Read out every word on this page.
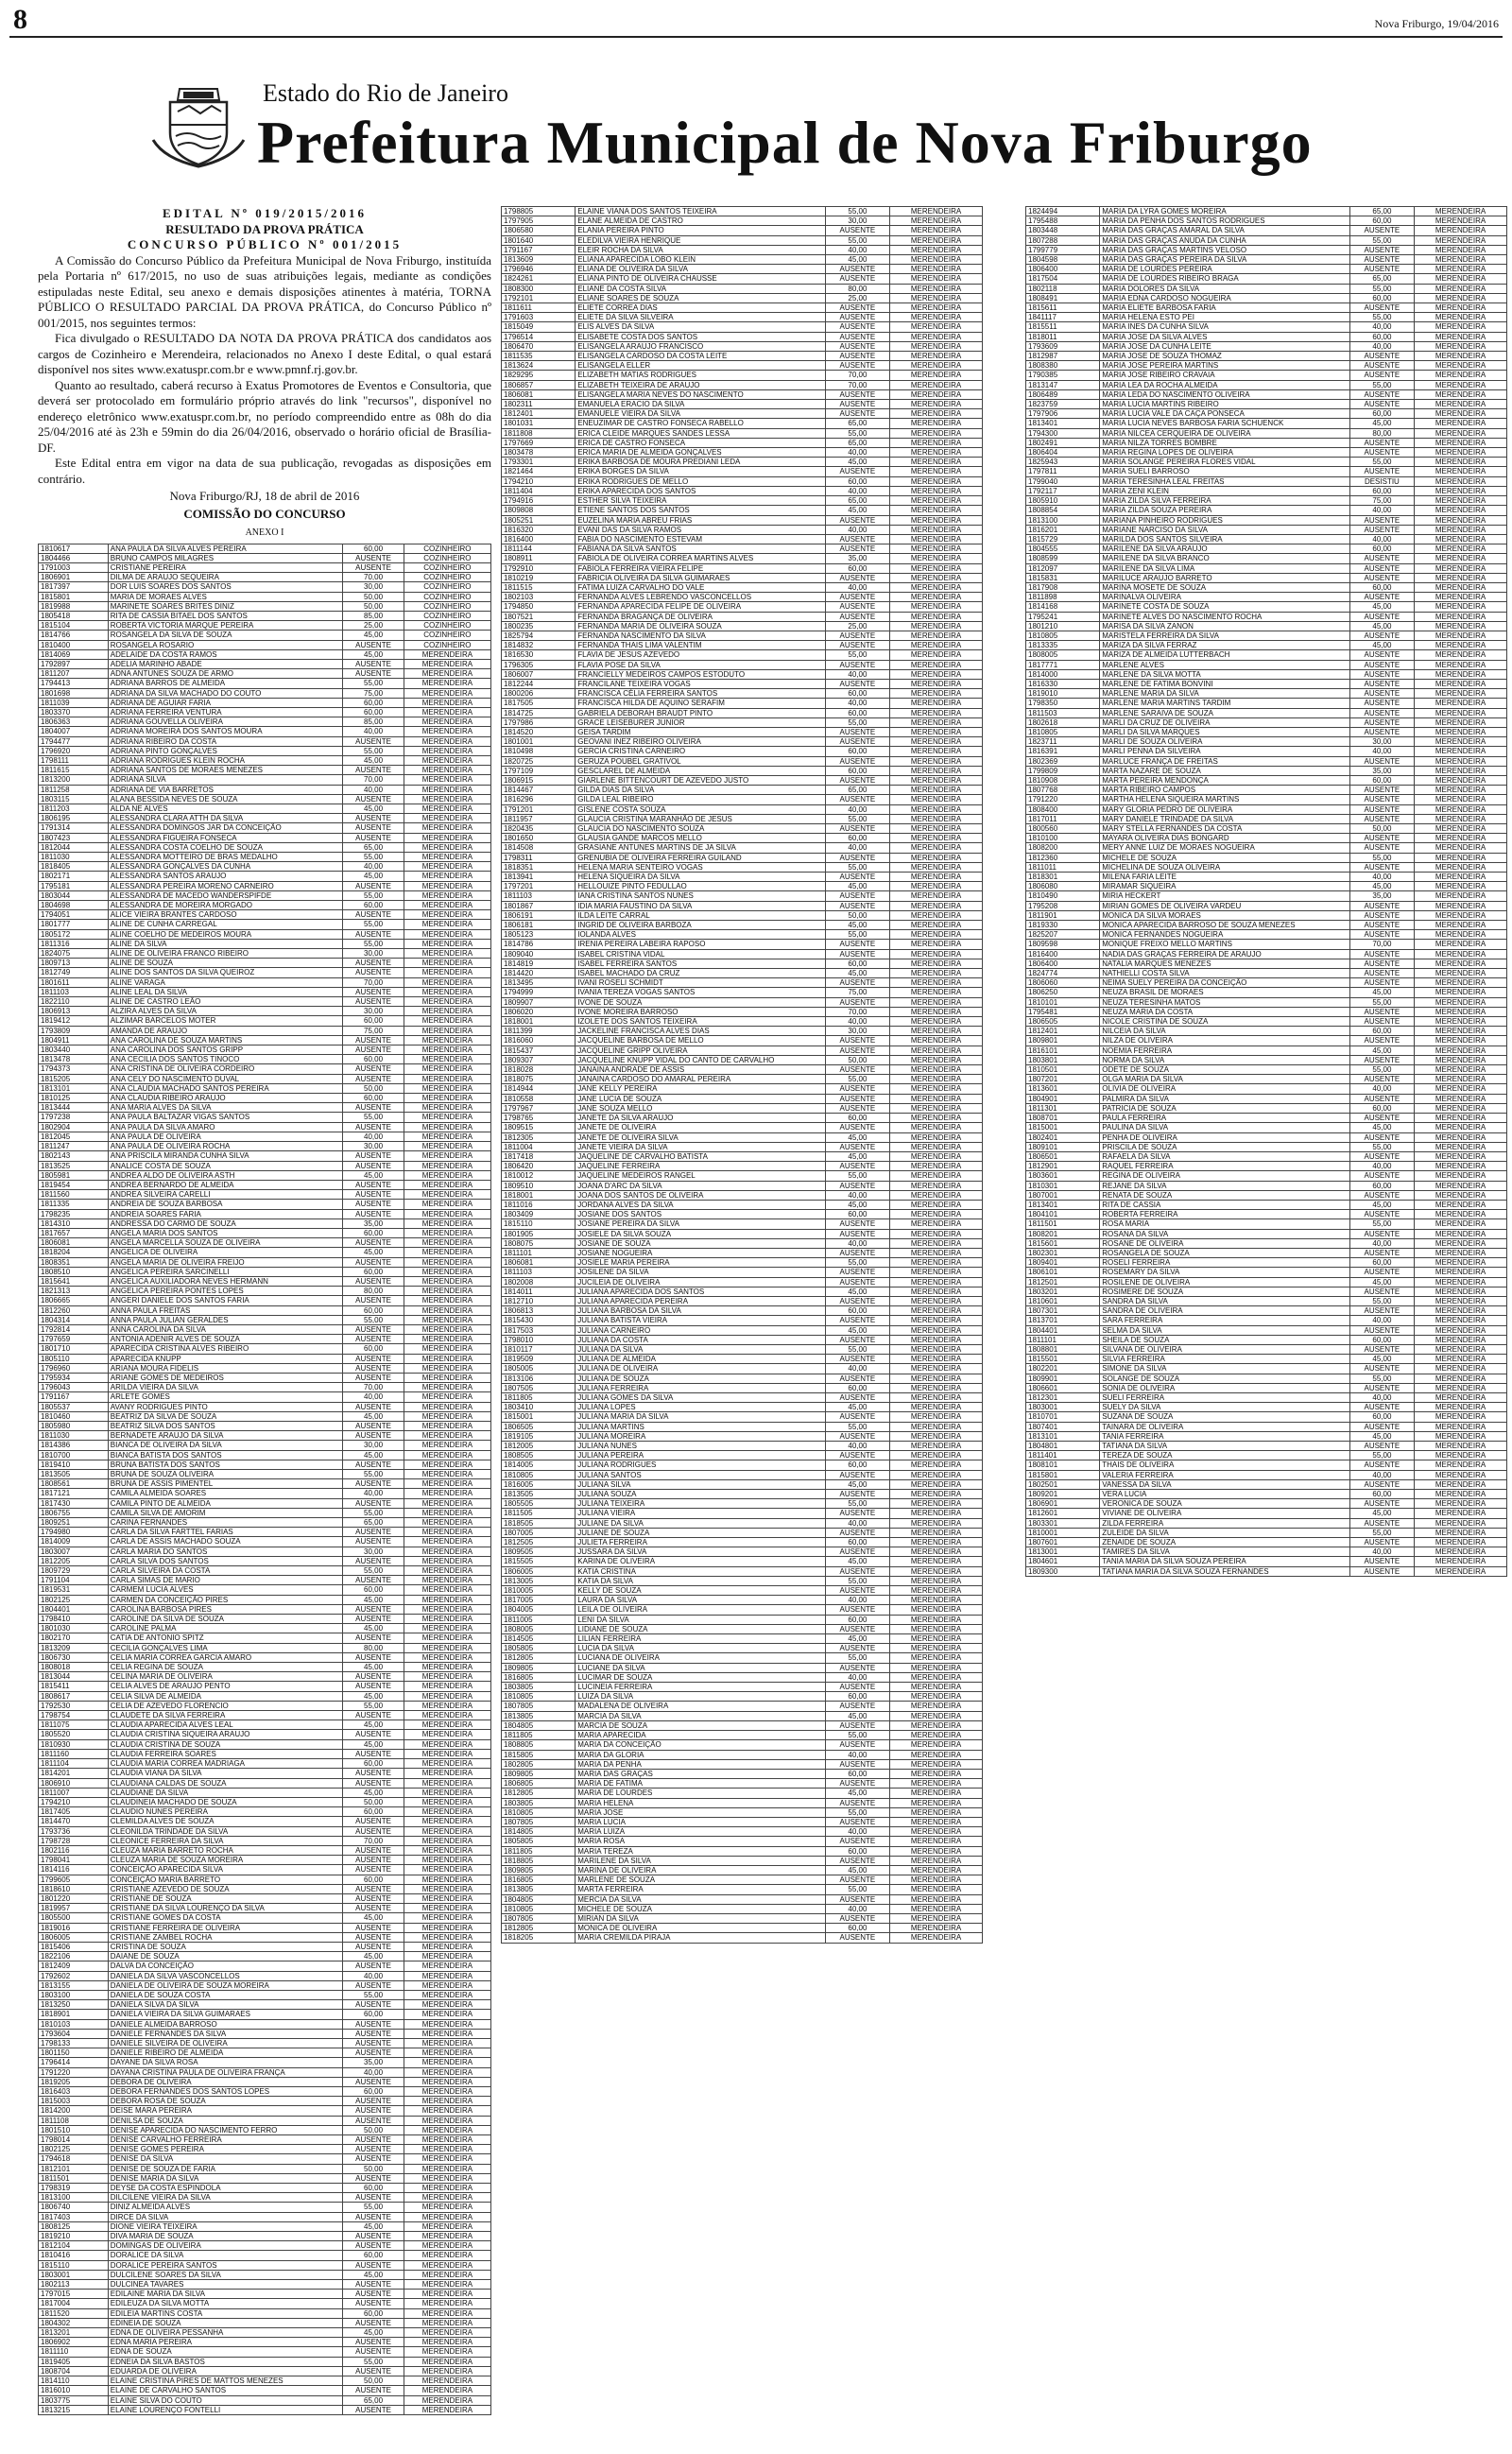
8	Nova Friburgo, 19/04/2016
Estado do Rio de Janeiro
Prefeitura Municipal de Nova Friburgo
EDITAL Nº 019/2015/2016
RESULTADO DA PROVA PRÁTICA
CONCURSO PÚBLICO Nº 001/2015

A Comissão do Concurso Público da Prefeitura Municipal de Nova Friburgo, instituída pela Portaria nº 617/2015, no uso de suas atribuições legais, mediante as condições estipuladas neste Edital, seu anexo e demais disposições atinentes à matéria, TORNA PÚBLICO O RESULTADO PARCIAL DA PROVA PRÁTICA, do Concurso Público nº 001/2015, nos seguintes termos:

Fica divulgado o RESULTADO DA NOTA DA PROVA PRÁTICA dos candidatos aos cargos de Cozinheiro e Merendeira, relacionados no Anexo I deste Edital, o qual estará disponível nos sites www.exatuspr.com.br e www.pmnf.rj.gov.br.

Quanto ao resultado, caberá recurso à Exatus Promotores de Eventos e Consultoria, que deverá ser protocolado em formulário próprio através do link "recursos", disponível no endereço eletrônico www.exatuspr.com.br, no período compreendido entre as 08h do dia 25/04/2016 até às 23h e 59min do dia 26/04/2016, observado o horário oficial de Brasília-DF.

Este Edital entra em vigor na data de sua publicação, revogadas as disposições em contrário.

Nova Friburgo/RJ, 18 de abril de 2016
COMISSÃO DO CONCURSO
ANEXO I
1810617	ANA PAULA DA SILVA ALVES PEREIRA	60,00	COZINHEIRO
1804466	BRUNO CAMPOS MILAGRES	AUSENTE	COZINHEIRO
1791003	CRISTIANE PEREIRA	AUSENTE	COZINHEIRO
1806901	DILMA DE ARAUJO SEQUEIRA	70,00	COZINHEIRO
1817397	DOR LUIS SOARES DOS SANTOS	30,00	COZINHEIRO
1815801	MARIA DE MORAES ALVES	50,00	COZINHEIRO
1819988	MARINETE SOARES BRITES DINIZ	50,00	COZINHEIRO
1805418	RITA DE CASSIA BITAEL DOS SANTOS	85,00	COZINHEIRO
1815104	ROBERTA VICTORIA MARQUE PEREIRA	25,00	COZINHEIRO
1814766	ROSANGELA DA SILVA DE SOUZA	45,00	COZINHEIRO
1810400	ROSANGELA ROSARIO	AUSENTE	COZINHEIRO
1814069	ADELAIDE DA COSTA RAMOS	45,00	MERENDEIRA
1792897	ADELIA MARINHO ABADE	AUSENTE	MERENDEIRA
1811207	ADNA ANTUNES SOUZA DE ARMO	AUSENTE	MERENDEIRA
1794413	ADRIANA BARROS DE ALMEIDA	55,00	MERENDEIRA
1801698	ADRIANA DA SILVA MACHADO DO COUTO	75,00	MERENDEIRA
1811039	ADRIANA DE AGUIAR FARIA	60,00	MERENDEIRA
1803370	ADRIANA FERREIRA VENTURA	60,00	MERENDEIRA
1806363	ADRIANA GOUVELLA OLIVEIRA	85,00	MERENDEIRA
1804007	ADRIANA MOREIRA DOS SANTOS MOURA	40,00	MERENDEIRA
1794477	ADRIANA RIBEIRO DA COSTA	AUSENTE	MERENDEIRA
1796920	ADRIANA PINTO GONÇALVES	55,00	MERENDEIRA
1798111	ADRIANA RODRIGUES KLEIN ROCHA	45,00	MERENDEIRA
1811615	ADRIANA SANTOS DE MORAES MENEZES	AUSENTE	MERENDEIRA
1813200	ADRIANA SILVA	70,00	MERENDEIRA
1811258	ADRIANA DE VIA BARRETOS	40,00	MERENDEIRA
1803115	ALANA BESSIDA NEVES DE SOUZA	AUSENTE	MERENDEIRA
1811203	ALDA NE ALVES	45,00	MERENDEIRA
1806195	ALESSANDRA CLARA ATTH DA SILVA	AUSENTE	MERENDEIRA
1791314	ALESSANDRA DOMINGOS JAR DA CONCEIÇÃO	AUSENTE	MERENDEIRA
1807423	ALESSANDRA FIGUEIRA FONSECA	AUSENTE	MERENDEIRA
1812044	ALESSANDRA COSTA COELHO DE SOUZA	65,00	MERENDEIRA
1811030	ALESSANDRA MOTTEIRO DE BRAS MEDALHO	55,00	MERENDEIRA
1818405	ALESSANDRA GONÇALVES DA CUNHA	40,00	MERENDEIRA
1802171	ALESSANDRA SANTOS ARAUJO	45,00	MERENDEIRA
1795181	ALESSANDRA PEREIRA MORENO CARNEIRO	AUSENTE	MERENDEIRA
1803044	ALESSANDRA DE MACEDO WANDERSPIFDE	55,00	MERENDEIRA
1804698	ALESSANDRA DE MOREIRA MORGADO	60,00	MERENDEIRA
1794051	ALICE VIEIRA BRANTES CARDOSO	AUSENTE	MERENDEIRA
1801777	ALINE DE CUNHA CARREGAL	55,00	MERENDEIRA
1805172	ALINE COELHO DE MEDEIROS MOURA	AUSENTE	MERENDEIRA
1811316	ALINE DA SILVA	55,00	MERENDEIRA
1824075	ALINE DE OLIVEIRA FRANCO RIBEIRO	30,00	MERENDEIRA
1809713	ALINE DE SOUZA	AUSENTE	MERENDEIRA
1812749	ALINE DOS SANTOS DA SILVA QUEIROZ	AUSENTE	MERENDEIRA
1801611	ALINE VARAGA	70,00	MERENDEIRA
1811103	ALINE LEAL DA SILVA	AUSENTE	MERENDEIRA
1822110	ALINE DE CASTRO LEÃO	AUSENTE	MERENDEIRA
1806913	ALZIRA ALVES DA SILVA	30,00	MERENDEIRA
1819412	ALZIMAR BARCELOS MOTER	60,00	MERENDEIRA
1793809	AMANDA DE ARAUJO	75,00	MERENDEIRA
1804911	ANA CAROLINA DE SOUZA MARTINS	AUSENTE	MERENDEIRA
1803440	ANA CAROLINA DOS SANTOS GRIPP	AUSENTE	MERENDEIRA
1813478	ANA CECILIA DOS SANTOS TINOCO	60,00	MERENDEIRA
1794373	ANA CRISTINA DE OLIVEIRA CORDEIRO	AUSENTE	MERENDEIRA
1815205	ANA CELY DO NASCIMENTO DUVAL	AUSENTE	MERENDEIRA
1813101	ANA CLAUDIA MACHADO SANTOS PEREIRA	50,00	MERENDEIRA
1810125	ANA CLAUDIA RIBEIRO ARAUJO	60,00	MERENDEIRA
1813444	ANA MARIA ALVES DA SILVA	AUSENTE	MERENDEIRA
1797238	ANA PAULA BALTAZAR VIGAS SANTOS	55,00	MERENDEIRA
1802904	ANA PAULA DA SILVA AMARO	AUSENTE	MERENDEIRA
1812045	ANA PAULA DE OLIVEIRA	40,00	MERENDEIRA
1811247	ANA PAULA DE OLIVEIRA ROCHA	30,00	MERENDEIRA
1802143	ANA PRISCILA MIRANDA CUNHA SILVA	AUSENTE	MERENDEIRA
1813525	ANALICE COSTA DE SOUZA	AUSENTE	MERENDEIRA
1805981	ANDREA ALDO DE OLIVEIRA ASTH	45,00	MERENDEIRA
1819454	ANDREA BERNARDO DE ALMEIDA	AUSENTE	MERENDEIRA
1811560	ANDREA SILVEIRA CARELLI	AUSENTE	MERENDEIRA
1811335	ANDREIA DE SOUZA BARBOSA	AUSENTE	MERENDEIRA
1798235	ANDREIA SOARES FARIA	AUSENTE	MERENDEIRA
1814310	ANDRESSA DO CARMO DE SOUZA	35,00	MERENDEIRA
1817657	ANGELA MARIA DOS SANTOS	60,00	MERENDEIRA
1806081	ANGELA MARCELLA SOUZA DE OLIVEIRA	AUSENTE	MERENDEIRA
1818204	ANGELICA DE OLIVEIRA	45,00	MERENDEIRA
1808351	ANGELA MARIA DE OLIVEIRA FREIJO	AUSENTE	MERENDEIRA
1808510	ANGELICA PEREIRA SARCINELLI	60,00	MERENDEIRA
1815641	ANGELICA AUXILIADORA NEVES HERMANN	AUSENTE	MERENDEIRA
1821313	ANGELICA PEREIRA PONTES LOPES	80,00	MERENDEIRA
1806665	ANGERI DANIELE DOS SANTOS FARIA	AUSENTE	MERENDEIRA
1812260	ANNA PAULA FREITAS	60,00	MERENDEIRA
1804314	ANNA PAULA JULIAN GERALDES	55,00	MERENDEIRA
1792814	ANNA CAROLINA DA SILVA	AUSENTE	MERENDEIRA
1797659	ANTONIA ADENIR ALVES DE SOUZA	AUSENTE	MERENDEIRA
1801710	APARECIDA CRISTINA ALVES RIBEIRO	60,00	MERENDEIRA
1805110	APARECIDA KNUPP	AUSENTE	MERENDEIRA
1796960	ARIANA MOURA FIDELIS	AUSENTE	MERENDEIRA
1795934	ARIANE GOMES DE MEDEIROS	AUSENTE	MERENDEIRA
1796043	ARILDA VIEIRA DA SILVA	70,00	MERENDEIRA
1791167	ARLETE GOMES	40,00	MERENDEIRA
1805537	AVANY RODRIGUES PINTO	AUSENTE	MERENDEIRA
1810460	BEATRIZ DA SILVA DE SOUZA	45,00	MERENDEIRA
1805980	BEATRIZ SILVA DOS SANTOS	AUSENTE	MERENDEIRA
1811030	BERNADETE ARAUJO DA SILVA	AUSENTE	MERENDEIRA
1814386	BIANCA DE OLIVEIRA DA SILVA	30,00	MERENDEIRA
1810700	BIANCA BATISTA DOS SANTOS	45,00	MERENDEIRA
1819410	BRUNA BATISTA DOS SANTOS	AUSENTE	MERENDEIRA
1813505	BRUNA DE SOUZA OLIVEIRA	55,00	MERENDEIRA
1808561	BRUNA DE ASSIS PIMENTEL	AUSENTE	MERENDEIRA
1817121	CAMILA ALMEIDA SOARES	40,00	MERENDEIRA
1817430	CAMILA PINTO DE ALMEIDA	AUSENTE	MERENDEIRA
1806755	CAMILA SILVA DE AMORIM	55,00	MERENDEIRA
1809251	CARINA FERNANDES	65,00	MERENDEIRA
1794980	CARLA DA SILVA FARTTEL FARIAS	AUSENTE	MERENDEIRA
1814009	CARLA DE ASSIS MACHADO SOUZA	AUSENTE	MERENDEIRA
1803007	CARLA MARIA DO SANTOS	30,00	MERENDEIRA
1812205	CARLA SILVA DOS SANTOS	AUSENTE	MERENDEIRA
1809729	CARLA SILVEIRA DA COSTA	55,00	MERENDEIRA
1791104	CARLA SIMAS DE MARIO	AUSENTE	MERENDEIRA
1819531	CARMEM LUCIA ALVES	60,00	MERENDEIRA
1802125	CARMEN DA CONCEIÇÃO PIRES	45,00	MERENDEIRA
1804401	CAROLINA BARBOSA PIRES	AUSENTE	MERENDEIRA
1798410	CAROLINE DA SILVA DE SOUZA	AUSENTE	MERENDEIRA
1801030	CAROLINE PALMA	45,00	MERENDEIRA
1802170	CATIA DE ANTONIO SPITZ	AUSENTE	MERENDEIRA
1813209	CECILIA GONÇALVES LIMA	80,00	MERENDEIRA
1806730	CELIA MARIA CORREA GARCIA AMARO	AUSENTE	MERENDEIRA
1808018	CELIA REGINA DE SOUZA	45,00	MERENDEIRA
1813044	CELINA MARIA DE OLIVEIRA	AUSENTE	MERENDEIRA
1815411	CELIA ALVES DE ARAUJO PENTO	AUSENTE	MERENDEIRA
1808617	CELIA SILVA DE ALMEIDA	45,00	MERENDEIRA
1792530	CELIA DE AZEVEDO FLORENCIO	55,00	MERENDEIRA
1798754	CLAUDETE DA SILVA FERREIRA	AUSENTE	MERENDEIRA
1811075	CLAUDIA APARECIDA ALVES LEAL	45,00	MERENDEIRA
1805520	CLAUDIA CRISTINA SIQUEIRA ARAUJO	AUSENTE	MERENDEIRA
1810930	CLAUDIA CRISTINA DE SOUZA	45,00	MERENDEIRA
1811160	CLAUDIA FERREIRA SOARES	AUSENTE	MERENDEIRA
1811104	CLAUDIA MARIA CORREA MADRIAGA	60,00	MERENDEIRA
1814201	CLAUDIA VIANA DA SILVA	AUSENTE	MERENDEIRA
1806910	CLAUDIANA CALDAS DE SOUZA	AUSENTE	MERENDEIRA
1811007	CLAUDIANE DA SILVA	45,00	MERENDEIRA
1794210	CLAUDINEIA MACHADO DE SOUZA	50,00	MERENDEIRA
1817405	CLAUDIO NUNES PEREIRA	60,00	MERENDEIRA
1814470	CLEMILDA ALVES DE SOUZA	AUSENTE	MERENDEIRA
1793736	CLEONILDA TRINDADE DA SILVA	AUSENTE	MERENDEIRA
1798728	CLEONICE FERREIRA DA SILVA	70,00	MERENDEIRA
1802116	CLEUZA MARIA BARRETO ROCHA	AUSENTE	MERENDEIRA
1798041	CLEUZA MARIA DE SOUZA MOREIRA	AUSENTE	MERENDEIRA
1814116	CONCEIÇÃO APARECIDA SILVA	AUSENTE	MERENDEIRA
1799605	CONCEIÇÃO MARIA BARRETO	60,00	MERENDEIRA
1818610	CRISTIANE AZEVEDO DE SOUZA	AUSENTE	MERENDEIRA
1801220	CRISTIANE DE SOUZA	AUSENTE	MERENDEIRA
1819957	CRISTIANE DA SILVA LOURENÇO DA SILVA	AUSENTE	MERENDEIRA
1805500	CRISTIANE GOMES DA COSTA	45,00	MERENDEIRA
1819016	CRISTIANE FERREIRA DE OLIVEIRA	AUSENTE	MERENDEIRA
1806005	CRISTIANE ZAMBEL ROCHA	AUSENTE	MERENDEIRA
1815406	CRISTINA DE SOUZA	AUSENTE	MERENDEIRA
1822106	DAIANE DE SOUZA	45,00	MERENDEIRA
1812409	DALVA DA CONCEIÇÃO	AUSENTE	MERENDEIRA
1792602	DANIELA DA SILVA VASCONCELLOS	40,00	MERENDEIRA
1813155	DANIELA DE OLIVEIRA DE SOUZA MOREIRA	AUSENTE	MERENDEIRA
1803100	DANIELA DE SOUZA COSTA	55,00	MERENDEIRA
1813250	DANIELA SILVA DA SILVA	AUSENTE	MERENDEIRA
1818901	DANIELA VIEIRA DA SILVA GUIMARAES	60,00	MERENDEIRA
1810103	DANIELE ALMEIDA BARROSO	AUSENTE	MERENDEIRA
1793604	DANIELE FERNANDES DA SILVA	AUSENTE	MERENDEIRA
1798133	DANIELE SILVEIRA DE OLIVEIRA	AUSENTE	MERENDEIRA
1801150	DANIELE RIBEIRO DE ALMEIDA	AUSENTE	MERENDEIRA
1796414	DAYANE DA SILVA ROSA	35,00	MERENDEIRA
1791220	DAYANA CRISTINA PAULA DE OLIVEIRA FRANÇA	40,00	MERENDEIRA
1819205	DEBORA DE OLIVEIRA	AUSENTE	MERENDEIRA
1816403	DEBORA FERNANDES DOS SANTOS LOPES	60,00	MERENDEIRA
1815003	DEBORA ROSA DE SOUZA	AUSENTE	MERENDEIRA
1814200	DEISE MARA PEREIRA	AUSENTE	MERENDEIRA
1811108	DENILSA DE SOUZA	AUSENTE	MERENDEIRA
1801510	DENISE APARECIDA DO NASCIMENTO FERRO	50,00	MERENDEIRA
1798014	DENISE CARVALHO FERREIRA	AUSENTE	MERENDEIRA
1802125	DENISE GOMES PEREIRA	AUSENTE	MERENDEIRA
1794618	DENISE DA SILVA	AUSENTE	MERENDEIRA
1812101	DENISE DE SOUZA DE FARIA	50,00	MERENDEIRA
1811501	DENISE MARIA DA SILVA	AUSENTE	MERENDEIRA
1798319	DEYSE DA COSTA ESPINDOLA	60,00	MERENDEIRA
1813100	DILCILENE VIEIRA DA SILVA	AUSENTE	MERENDEIRA
1806740	DINIZ ALMEIDA ALVES	55,00	MERENDEIRA
1817403	DIRCE DA SILVA	AUSENTE	MERENDEIRA
1808125	DIONE VIEIRA TEIXEIRA	45,00	MERENDEIRA
1819210	DIVA MARIA DE SOUZA	AUSENTE	MERENDEIRA
1812104	DOMINGAS DE OLIVEIRA	AUSENTE	MERENDEIRA
1810416	DORALICE DA SILVA	60,00	MERENDEIRA
1815110	DORALICE PEREIRA SANTOS	AUSENTE	MERENDEIRA
1803001	DULCILENE SOARES DA SILVA	45,00	MERENDEIRA
1802113	DULCINEA TAVARES	AUSENTE	MERENDEIRA
1797015	EDILAINE MARIA DA SILVA	AUSENTE	MERENDEIRA
1817004	EDILEUZA DA SILVA MOTTA	AUSENTE	MERENDEIRA
1811520	EDILEIA MARTINS COSTA	60,00	MERENDEIRA
1804302	EDINEIA DE SOUZA	AUSENTE	MERENDEIRA
1813201	EDNA DE OLIVEIRA PESSANHA	45,00	MERENDEIRA
1806902	EDNA MARIA PEREIRA	AUSENTE	MERENDEIRA
1811110	EDNA DE SOUZA	AUSENTE	MERENDEIRA
1819405	EDNEIA DA SILVA BASTOS	55,00	MERENDEIRA
1808704	EDUARDA DE OLIVEIRA	AUSENTE	MERENDEIRA
1814110	ELAINE CRISTINA PIRES DE MATTOS MENEZES	50,00	MERENDEIRA
1816010	ELAINE DE CARVALHO SANTOS	AUSENTE	MERENDEIRA
1803775	ELAINE SILVA DO COUTO	65,00	MERENDEIRA
1813215	ELAINE LOURENÇO FONTELLI	AUSENTE	MERENDEIRA
1798805	ELAINE VIANA DOS SANTOS TEIXEIRA	55,00	MERENDEIRA
1797905	ELANE ALMEIDA DE CASTRO	30,00	MERENDEIRA
1806580	ELANIA PEREIRA PINTO	AUSENTE	MERENDEIRA
1801640	ELEDILVA VIEIRA HENRIQUE	55,00	MERENDEIRA
1791167	ELEIR ROCHA DA SILVA	40,00	MERENDEIRA
1813609	ELIANA APARECIDA LOBO KLEIN	45,00	MERENDEIRA
1796946	ELIANA DE OLIVEIRA DA SILVA	AUSENTE	MERENDEIRA
1824261	ELIANA PINTO DE OLIVEIRA CHAUSSE	AUSENTE	MERENDEIRA
1808300	ELIANE DA COSTA SILVA	80,00	MERENDEIRA
1792101	ELIANE SOARES DE SOUZA	25,00	MERENDEIRA
1811611	ELIETE CORREA DIAS	AUSENTE	MERENDEIRA
1791603	ELIETE DA SILVA SILVEIRA	AUSENTE	MERENDEIRA
1815049	ELIS ALVES DA SILVA	AUSENTE	MERENDEIRA
1796514	ELISABETE COSTA DOS SANTOS	AUSENTE	MERENDEIRA
1806470	ELISANGELA ARAUJO FRANCISCO	AUSENTE	MERENDEIRA
1811535	ELISANGELA CARDOSO DA COSTA LEITE	AUSENTE	MERENDEIRA
1813624	ELISANGELA ELLER	AUSENTE	MERENDEIRA
1829295	ELIZABETH MATIAS RODRIGUES	70,00	MERENDEIRA
1806857	ELIZABETH TEIXEIRA DE ARAUJO	70,00	MERENDEIRA
1806081	ELISANGELA MARIA NEVES DO NASCIMENTO	AUSENTE	MERENDEIRA
1802311	EMANUELA ERACIO DA SILVA	AUSENTE	MERENDEIRA
1812401	EMANUELE VIEIRA DA SILVA	AUSENTE	MERENDEIRA
1801031	ENEUZIMAR DE CASTRO FONSECA RABELLO	65,00	MERENDEIRA
1811808	ERICA CLEIDE MARQUES SANDES LESSA	55,00	MERENDEIRA
1797669	ERICA DE CASTRO FONSECA	65,00	MERENDEIRA
1803478	ERICA MARIA DE ALMEIDA GONÇALVES	40,00	MERENDEIRA
1793301	ERIKA BARBOSA DE MOURA PREDIANI LEDA	45,00	MERENDEIRA
1821464	ERIKA BORGES DA SILVA	AUSENTE	MERENDEIRA
1794210	ERIKA RODRIGUES DE MELLO	60,00	MERENDEIRA
1811404	ERIKA APARECIDA DOS SANTOS	40,00	MERENDEIRA
1794916	ESTHER SILVA TEIXEIRA	65,00	MERENDEIRA
1809808	ETIENE SANTOS DOS SANTOS	45,00	MERENDEIRA
1805251	EUZELINA MARIA ABREU FRIAS	AUSENTE	MERENDEIRA
1816320	EVANI DAS DA SILVA RAMOS	40,00	MERENDEIRA
1816400	FABIA DO NASCIMENTO ESTEVAM	AUSENTE	MERENDEIRA
1811144	FABIANA DA SILVA SANTOS	AUSENTE	MERENDEIRA
1808911	FABIOLA DE OLIVEIRA CORREA MARTINS ALVES	35,00	MERENDEIRA
1792910	FABIOLA FERREIRA VIEIRA FELIPE	60,00	MERENDEIRA
1810219	FABRICIA OLIVEIRA DA SILVA GUIMARAES	AUSENTE	MERENDEIRA
1811515	FATIMA LUIZA CARVALHO DO VALE	40,00	MERENDEIRA
1802103	FERNANDA ALVES LEBRENDO VASCONCELLOS	AUSENTE	MERENDEIRA
1794850	FERNANDA APARECIDA FELIPE DE OLIVEIRA	AUSENTE	MERENDEIRA
1807521	FERNANDA BRAGANÇA DE OLIVEIRA	AUSENTE	MERENDEIRA
1800235	FERNANDA MARIA DE OLIVEIRA SOUZA	25,00	MERENDEIRA
1825794	FERNANDA NASCIMENTO DA SILVA	AUSENTE	MERENDEIRA
1814832	FERNANDA THAIS LIMA VALENTIM	AUSENTE	MERENDEIRA
1816530	FLAVIA DE JESUS AZEVEDO	55,00	MERENDEIRA
1796305	FLAVIA POSE DA SILVA	AUSENTE	MERENDEIRA
1806007	FRANCIELLY MEDEIROS CAMPOS ESTODUTO	40,00	MERENDEIRA
1812244	FRANCILANE TEIXEIRA VOGAS	AUSENTE	MERENDEIRA
1800206	FRANCISCA CÉLIA FERREIRA SANTOS	60,00	MERENDEIRA
1817505	FRANCISCA HILDA DE AQUINO SERAFIM	40,00	MERENDEIRA
1814725	GABRIELA DEBORAH BRAUDT PINTO	60,00	MERENDEIRA
1797986	GRACE LEISEBURER JUNIOR	55,00	MERENDEIRA
1814520	GEISA TARDIM	AUSENTE	MERENDEIRA
1801001	GEOVANI INEZ RIBEIRO OLIVEIRA	AUSENTE	MERENDEIRA
1810498	GERCIA CRISTINA CARNEIRO	60,00	MERENDEIRA
1820725	GERUZA POUBEL GRATIVOL	AUSENTE	MERENDEIRA
1797109	GESCLAREL DE ALMEIDA	60,00	MERENDEIRA
1806915	GIARLENE BITTENCOURT DE AZEVEDO JUSTO	AUSENTE	MERENDEIRA
1814467	GILDA DIAS DA SILVA	65,00	MERENDEIRA
1816296	GILDA LEAL RIBEIRO	AUSENTE	MERENDEIRA
1791201	GISLENE COSTA SOUZA	40,00	MERENDEIRA
1811957	GLAUCIA CRISTINA MARANHÃO DE JESUS	55,00	MERENDEIRA
1820435	GLAUCIA DO NASCIMENTO SOUZA	AUSENTE	MERENDEIRA
1801650	GLAUSIA GANDE MARCOS MELLO	60,00	MERENDEIRA
1814508	GRASIANE ANTUNES MARTINS DE JA SILVA	40,00	MERENDEIRA
1798311	GRENUBIA DE OLIVEIRA FERREIRA GUILAND	AUSENTE	MERENDEIRA
1818351	HELENA MARIA SENTEIRO VOGAS	55,00	MERENDEIRA
1813941	HELENA SIQUEIRA DA SILVA	AUSENTE	MERENDEIRA
1797201	HELLOUIZE PINTO FEDULLAO	45,00	MERENDEIRA
1811103	IANA CRISTINA SANTOS NUNES	AUSENTE	MERENDEIRA
1801867	IDIA MARIA FAUSTINO DA SILVA	AUSENTE	MERENDEIRA
1806191	ILDA LEITE CARRAL	50,00	MERENDEIRA
1806181	INGRID DE OLIVEIRA BARBOZA	45,00	MERENDEIRA
1805123	IOLANDA ALVES	55,00	MERENDEIRA
1814786	IRENIA PEREIRA LABEIRA RAPOSO	AUSENTE	MERENDEIRA
1809040	ISABEL CRISTINA VIDAL	AUSENTE	MERENDEIRA
1814819	ISABEL FERREIRA SANTOS	60,00	MERENDEIRA
1814420	ISABEL MACHADO DA CRUZ	45,00	MERENDEIRA
1813495	IVANI ROSELI SCHMIDT	AUSENTE	MERENDEIRA
1794999	IVANIA TEREZA VOGAS SANTOS	75,00	MERENDEIRA
1809907	IVONE DE SOUZA	AUSENTE	MERENDEIRA
1806020	IVONE MOREIRA BARROSO	70,00	MERENDEIRA
1818001	IZOLETE DOS SANTOS TEIXEIRA	40,00	MERENDEIRA
1811399	JACKELINE FRANCISCA ALVES DIAS	30,00	MERENDEIRA
1816060	JACQUELINE BARBOSA DE MELLO	AUSENTE	MERENDEIRA
1815437	JACQUELINE GRIPP OLIVEIRA	AUSENTE	MERENDEIRA
1809307	JACQUELINE KNUPP VIDAL DO CANTO DE CARVALHO	50,00	MERENDEIRA
1818028	JANAINA ANDRADE DE ASSIS	AUSENTE	MERENDEIRA
1818075	JANAINA CARDOSO DO AMARAL PEREIRA	55,00	MERENDEIRA
1814944	JANE KELLY PEREIRA	AUSENTE	MERENDEIRA
1810558	JANE LUCIA DE SOUZA	AUSENTE	MERENDEIRA
1797967	JANE SOUZA MELLO	AUSENTE	MERENDEIRA
1798765	JANETE DA SILVA ARAUJO	60,00	MERENDEIRA
1809515	JANETE DE OLIVEIRA	AUSENTE	MERENDEIRA
1812305	JANETE DE OLIVEIRA SILVA	45,00	MERENDEIRA
1811004	JANETE VIEIRA DA SILVA	AUSENTE	MERENDEIRA
1817418	JAQUELINE DE CARVALHO BATISTA	45,00	MERENDEIRA
1806420	JAQUELINE FERREIRA	AUSENTE	MERENDEIRA
1810012	JAQUELINE MEDEIROS RANGEL	55,00	MERENDEIRA
1809510	JOANA D'ARC DA SILVA	AUSENTE	MERENDEIRA
1818001	JOANA DOS SANTOS DE OLIVEIRA	40,00	MERENDEIRA
1811016	JORDANA ALVES DA SILVA	45,00	MERENDEIRA
1803409	JOSIANE DOS SANTOS	60,00	MERENDEIRA
1815110	JOSIANE PEREIRA DA SILVA	AUSENTE	MERENDEIRA
1801905	JOSIELE DA SILVA SOUZA	AUSENTE	MERENDEIRA
1808075	JOSIANE DE SOUZA	40,00	MERENDEIRA
1811101	JOSIANE NOGUEIRA	AUSENTE	MERENDEIRA
1806081	JOSIELE MARIA PEREIRA	55,00	MERENDEIRA
1811103	JOSILENE DA SILVA	AUSENTE	MERENDEIRA
1802008	JUCILEIA DE OLIVEIRA	AUSENTE	MERENDEIRA
1814011	JULIANA APARECIDA DOS SANTOS	45,00	MERENDEIRA
1812710	JULIANA APARECIDA PEREIRA	AUSENTE	MERENDEIRA
1806813	JULIANA BARBOSA DA SILVA	60,00	MERENDEIRA
1815430	JULIANA BATISTA VIEIRA	AUSENTE	MERENDEIRA
1817503	JULIANA CARNEIRO	45,00	MERENDEIRA
1798010	JULIANA DA COSTA	AUSENTE	MERENDEIRA
1810117	JULIANA DA SILVA	55,00	MERENDEIRA
1819509	JULIANA DE ALMEIDA	AUSENTE	MERENDEIRA
1805005	JULIANA DE OLIVEIRA	40,00	MERENDEIRA
1813106	JULIANA DE SOUZA	AUSENTE	MERENDEIRA
1807505	JULIANA FERREIRA	60,00	MERENDEIRA
1811805	JULIANA GOMES DA SILVA	AUSENTE	MERENDEIRA
1803410	JULIANA LOPES	45,00	MERENDEIRA
1815001	JULIANA MARIA DA SILVA	AUSENTE	MERENDEIRA
1806505	JULIANA MARTINS	55,00	MERENDEIRA
1819105	JULIANA MOREIRA	AUSENTE	MERENDEIRA
1812005	JULIANA NUNES	40,00	MERENDEIRA
1808505	JULIANA PEREIRA	AUSENTE	MERENDEIRA
1814005	JULIANA RODRIGUES	60,00	MERENDEIRA
1810805	JULIANA SANTOS	AUSENTE	MERENDEIRA
1816005	JULIANA SILVA	45,00	MERENDEIRA
1813505	JULIANA SOUZA	AUSENTE	MERENDEIRA
1805505	JULIANA TEIXEIRA	55,00	MERENDEIRA
1811505	JULIANA VIEIRA	AUSENTE	MERENDEIRA
1818505	JULIANE DA SILVA	40,00	MERENDEIRA
1807005	JULIANE DE SOUZA	AUSENTE	MERENDEIRA
1812505	JULIETA FERREIRA	60,00	MERENDEIRA
1809505	JUSSARA DA SILVA	AUSENTE	MERENDEIRA
1815505	KARINA DE OLIVEIRA	45,00	MERENDEIRA
1806005	KATIA CRISTINA	AUSENTE	MERENDEIRA
1813005	KATIA DA SILVA	55,00	MERENDEIRA
1810005	KELLY DE SOUZA	AUSENTE	MERENDEIRA
1817005	LAURA DA SILVA	40,00	MERENDEIRA
1804005	LEILA DE OLIVEIRA	AUSENTE	MERENDEIRA
1811005	LENI DA SILVA	60,00	MERENDEIRA
1808005	LIDIANE DE SOUZA	AUSENTE	MERENDEIRA
1814505	LILIAN FERREIRA	45,00	MERENDEIRA
1805805	LUCIA DA SILVA	AUSENTE	MERENDEIRA
1812805	LUCIANA DE OLIVEIRA	55,00	MERENDEIRA
1809805	LUCIANE DA SILVA	AUSENTE	MERENDEIRA
1816805	LUCIMAR DE SOUZA	40,00	MERENDEIRA
1803805	LUCINEIA FERREIRA	AUSENTE	MERENDEIRA
1810805	LUIZA DA SILVA	60,00	MERENDEIRA
1807805	MADALENA DE OLIVEIRA	AUSENTE	MERENDEIRA
1813805	MARCIA DA SILVA	45,00	MERENDEIRA
1804805	MARCIA DE SOUZA	AUSENTE	MERENDEIRA
1811805	MARIA APARECIDA	55,00	MERENDEIRA
1808805	MARIA DA CONCEIÇÃO	AUSENTE	MERENDEIRA
1815805	MARIA DA GLORIA	40,00	MERENDEIRA
1802805	MARIA DA PENHA	AUSENTE	MERENDEIRA
1809805	MARIA DAS GRAÇAS	60,00	MERENDEIRA
1806805	MARIA DE FATIMA	AUSENTE	MERENDEIRA
1812805	MARIA DE LOURDES	45,00	MERENDEIRA
1803805	MARIA HELENA	AUSENTE	MERENDEIRA
1810805	MARIA JOSE	55,00	MERENDEIRA
1807805	MARIA LUCIA	AUSENTE	MERENDEIRA
1814805	MARIA LUIZA	40,00	MERENDEIRA
1805805	MARIA ROSA	AUSENTE	MERENDEIRA
1811805	MARIA TEREZA	60,00	MERENDEIRA
1818805	MARILENE DA SILVA	AUSENTE	MERENDEIRA
1809805	MARINA DE OLIVEIRA	45,00	MERENDEIRA
1816805	MARLENE DE SOUZA	AUSENTE	MERENDEIRA
1813805	MARTA FERREIRA	55,00	MERENDEIRA
1804805	MERCIA DA SILVA	AUSENTE	MERENDEIRA
1810805	MICHELE DE SOUZA	40,00	MERENDEIRA
1807805	MIRIAN DA SILVA	AUSENTE	MERENDEIRA
1812805	MONICA DE OLIVEIRA	60,00	MERENDEIRA
1818205	MARIA CREMILDA PIRAJA	AUSENTE	MERENDEIRA
1824494	MARIA DA LYRA GOMES MOREIRA	65,00	MERENDEIRA
1795488	MARIA DA PENHA DOS SANTOS RODRIGUES	60,00	MERENDEIRA
1803448	MARIA DAS GRAÇAS AMARAL DA SILVA	AUSENTE	MERENDEIRA
1807288	MARIA DAS GRAÇAS ANUDA DA CUNHA	55,00	MERENDEIRA
1799779	MARIA DAS GRAÇAS MARTINS VELOSO	AUSENTE	MERENDEIRA
1804598	MARIA DAS GRAÇAS PEREIRA DA SILVA	AUSENTE	MERENDEIRA
1806400	MARIA DE LOURDES PEREIRA	AUSENTE	MERENDEIRA
1817504	MARIA DE LOURDES RIBEIRO BRAGA	65,00	MERENDEIRA
1802118	MARIA DOLORES DA SILVA	55,00	MERENDEIRA
1808491	MARIA EDNA CARDOSO NOGUEIRA	60,00	MERENDEIRA
1815611	MARIA ELIETE BARBOSA FARIA	AUSENTE	MERENDEIRA
1841117	MARIA HELENA ESTO PEI	55,00	MERENDEIRA
1815511	MARIA INES DA CUNHA SILVA	40,00	MERENDEIRA
1818011	MARIA JOSE DA SILVA ALVES	60,00	MERENDEIRA
1793609	MARIA JOSE DA CUNHA LEITE	40,00	MERENDEIRA
1812987	MARIA JOSE DE SOUZA THOMAZ	AUSENTE	MERENDEIRA
1808380	MARIA JOSE PEREIRA MARTINS	AUSENTE	MERENDEIRA
1790385	MARIA JOSE RIBEIRO CRAVAIA	AUSENTE	MERENDEIRA
1813147	MARIA LEA DA ROCHA ALMEIDA	55,00	MERENDEIRA
1806489	MARIA LEDA DO NASCIMENTO OLIVEIRA	AUSENTE	MERENDEIRA
1823759	MARIA LUCIA MARTINS RIBEIRO	AUSENTE	MERENDEIRA
1797906	MARIA LUCIA VALE DA CAÇA PONSECA	60,00	MERENDEIRA
1813401	MARIA LUCIA NEVES BARBOSA FARIA SCHUENCK	45,00	MERENDEIRA
1794300	MARIA NILCEA CERQUEIRA DE OLIVEIRA	80,00	MERENDEIRA
1802491	MARIA NILZA TORRES BOMBRE	AUSENTE	MERENDEIRA
1806404	MARIA REGINA LOPES DE OLIVEIRA	AUSENTE	MERENDEIRA
1825943	MARIA SOLANGE PEREIRA FLORES VIDAL	55,00	MERENDEIRA
1797811	MARIA SUELI BARROSO	AUSENTE	MERENDEIRA
1799040	MARIA TERESINHA LEAL FREITAS	DESISTIU	MERENDEIRA
1792117	MARIA ZENI KLEIN	60,00	MERENDEIRA
1805910	MARIA ZILDA SILVA FERREIRA	75,00	MERENDEIRA
1808854	MARIA ZILDA SOUZA PEREIRA	40,00	MERENDEIRA
1813100	MARIANA PINHEIRO RODRIGUES	AUSENTE	MERENDEIRA
1816201	MARIANE NARCISO DA SILVA	AUSENTE	MERENDEIRA
1815729	MARILDA DOS SANTOS SILVEIRA	40,00	MERENDEIRA
1804555	MARILENE DA SILVA ARAUJO	60,00	MERENDEIRA
1808599	MARILENE DA SILVA BRANCO	AUSENTE	MERENDEIRA
1812097	MARILENE DA SILVA LIMA	AUSENTE	MERENDEIRA
1815831	MARILUCE ARAUJO BARRETO	AUSENTE	MERENDEIRA
1817908	MARINA MOSETE DE SOUZA	60,00	MERENDEIRA
1811898	MARINALVA OLIVEIRA	AUSENTE	MERENDEIRA
1814168	MARINETE COSTA DE SOUZA	45,00	MERENDEIRA
1795241	MARINETE ALVES DO NASCIMENTO ROCHA	AUSENTE	MERENDEIRA
1801210	MARISA DA SILVA ZANON	45,00	MERENDEIRA
1810805	MARISTELA FERREIRA DA SILVA	AUSENTE	MERENDEIRA
1813335	MARIZA DA SILVA FERRAZ	45,00	MERENDEIRA
1808005	MARIZA DE ALMEIDA LUTTERBACH	AUSENTE	MERENDEIRA
1817771	MARLENE ALVES	AUSENTE	MERENDEIRA
1814000	MARLENE DA SILVA MOTTA	AUSENTE	MERENDEIRA
1816330	MARLENE DE FATIMA BONVINI	AUSENTE	MERENDEIRA
1819010	MARLENE MARIA DA SILVA	AUSENTE	MERENDEIRA
1798350	MARLENE MARIA MARTINS TARDIM	AUSENTE	MERENDEIRA
1811503	MARLENE SARAIVA DE SOUZA	AUSENTE	MERENDEIRA
1802618	MARLI DA CRUZ DE OLIVEIRA	AUSENTE	MERENDEIRA
1810805	MARLI DA SILVA MARQUES	AUSENTE	MERENDEIRA
1823711	MARLI DE SOUZA OLIVEIRA	30,00	MERENDEIRA
1816391	MARLI PENNA DA SILVEIRA	40,00	MERENDEIRA
1802369	MARLUCE FRANÇA DE FREITAS	AUSENTE	MERENDEIRA
1799809	MARTA NAZARE DE SOUZA	35,00	MERENDEIRA
1810908	MARTA PEREIRA MENDONÇA	60,00	MERENDEIRA
1807768	MARTA RIBEIRO CAMPOS	AUSENTE	MERENDEIRA
1791220	MARTHA HELENA SIQUEIRA MARTINS	AUSENTE	MERENDEIRA
1808400	MARY GLORIA PEDRO DE OLIVEIRA	AUSENTE	MERENDEIRA
1817011	MARY DANIELE TRINDADE DA SILVA	AUSENTE	MERENDEIRA
1800560	MARY STELLA FERNANDES DA COSTA	50,00	MERENDEIRA
1810100	MAYARA OLIVEIRA DIAS BONGARD	AUSENTE	MERENDEIRA
1808200	MERY ANNE LUIZ DE MORAES NOGUEIRA	AUSENTE	MERENDEIRA
1812360	MICHELE DE SOUZA	55,00	MERENDEIRA
1811011	MICHELINA DE SOUZA OLIVEIRA	AUSENTE	MERENDEIRA
1818301	MILENA FARIA LEITE	40,00	MERENDEIRA
1806080	MIRAMAR SIQUEIRA	45,00	MERENDEIRA
1810490	MIRIA HECKERT	35,00	MERENDEIRA
1795208	MIRIAN GOMES DE OLIVEIRA VARDEU	AUSENTE	MERENDEIRA
1811901	MONICA DA SILVA MORAES	AUSENTE	MERENDEIRA
1819330	MONICA APARECIDA BARROSO DE SOUZA MENEZES	AUSENTE	MERENDEIRA
1825207	MONICA FERNANDES NOGUEIRA	AUSENTE	MERENDEIRA
1809598	MONIQUE FREIXO MELLO MARTINS	70,00	MERENDEIRA
1816400	NADIA DAS GRAÇAS FERREIRA DE ARAUJO	AUSENTE	MERENDEIRA
1806400	NATALIA MARQUES MENEZES	AUSENTE	MERENDEIRA
1824774	NATHIELLI COSTA SILVA	AUSENTE	MERENDEIRA
1806060	NEIMA SUELY PEREIRA DA CONCEIÇÃO	AUSENTE	MERENDEIRA
1806250	NEUZA BRASIL DE MORAES	45,00	MERENDEIRA
1810101	NEUZA TERESINHA MATOS	55,00	MERENDEIRA
1795481	NEUZA MARIA DA COSTA	AUSENTE	MERENDEIRA
1806505	NICOLE CRISTINA DE SOUZA	AUSENTE	MERENDEIRA
1812401	NILCEIA DA SILVA	60,00	MERENDEIRA
1809801	NILZA DE OLIVEIRA	AUSENTE	MERENDEIRA
1816101	NOEMIA FERREIRA	45,00	MERENDEIRA
1803801	NORMA DA SILVA	AUSENTE	MERENDEIRA
1810501	ODETE DE SOUZA	55,00	MERENDEIRA
1807201	OLGA MARIA DA SILVA	AUSENTE	MERENDEIRA
1813601	OLIVIA DE OLIVEIRA	40,00	MERENDEIRA
1804901	PALMIRA DA SILVA	AUSENTE	MERENDEIRA
1811301	PATRICIA DE SOUZA	60,00	MERENDEIRA
1808701	PAULA FERREIRA	AUSENTE	MERENDEIRA
1815001	PAULINA DA SILVA	45,00	MERENDEIRA
1802401	PENHA DE OLIVEIRA	AUSENTE	MERENDEIRA
1809101	PRISCILA DE SOUZA	55,00	MERENDEIRA
1806501	RAFAELA DA SILVA	AUSENTE	MERENDEIRA
1812901	RAQUEL FERREIRA	40,00	MERENDEIRA
1803601	REGINA DE OLIVEIRA	AUSENTE	MERENDEIRA
1810301	REJANE DA SILVA	60,00	MERENDEIRA
1807001	RENATA DE SOUZA	AUSENTE	MERENDEIRA
1813401	RITA DE CASSIA	45,00	MERENDEIRA
1804101	ROBERTA FERREIRA	AUSENTE	MERENDEIRA
1811501	ROSA MARIA	55,00	MERENDEIRA
1808201	ROSANA DA SILVA	AUSENTE	MERENDEIRA
1815601	ROSANE DE OLIVEIRA	40,00	MERENDEIRA
1802301	ROSANGELA DE SOUZA	AUSENTE	MERENDEIRA
1809401	ROSELI FERREIRA	60,00	MERENDEIRA
1806101	ROSEMARY DA SILVA	AUSENTE	MERENDEIRA
1812501	ROSILENE DE OLIVEIRA	45,00	MERENDEIRA
1803201	ROSIMERE DE SOUZA	AUSENTE	MERENDEIRA
1810601	SANDRA DA SILVA	55,00	MERENDEIRA
1807301	SANDRA DE OLIVEIRA	AUSENTE	MERENDEIRA
1813701	SARA FERREIRA	40,00	MERENDEIRA
1804401	SELMA DA SILVA	AUSENTE	MERENDEIRA
1811101	SHEILA DE SOUZA	60,00	MERENDEIRA
1808801	SILVANA DE OLIVEIRA	AUSENTE	MERENDEIRA
1815501	SILVIA FERREIRA	45,00	MERENDEIRA
1802201	SIMONE DA SILVA	AUSENTE	MERENDEIRA
1809901	SOLANGE DE SOUZA	55,00	MERENDEIRA
1806601	SONIA DE OLIVEIRA	AUSENTE	MERENDEIRA
1812301	SUELI FERREIRA	40,00	MERENDEIRA
1803001	SUELY DA SILVA	AUSENTE	MERENDEIRA
1810701	SUZANA DE SOUZA	60,00	MERENDEIRA
1807401	TAINARA DE OLIVEIRA	AUSENTE	MERENDEIRA
1813101	TANIA FERREIRA	45,00	MERENDEIRA
1804801	TATIANA DA SILVA	AUSENTE	MERENDEIRA
1811401	TEREZA DE SOUZA	55,00	MERENDEIRA
1808101	THAIS DE OLIVEIRA	AUSENTE	MERENDEIRA
1815801	VALERIA FERREIRA	40,00	MERENDEIRA
1802501	VANESSA DA SILVA	AUSENTE	MERENDEIRA
1809201	VERA LUCIA	60,00	MERENDEIRA
1806901	VERONICA DE SOUZA	AUSENTE	MERENDEIRA
1812601	VIVIANE DE OLIVEIRA	45,00	MERENDEIRA
1803301	ZILDA FERREIRA	AUSENTE	MERENDEIRA
1810001	ZULEIDE DA SILVA	55,00	MERENDEIRA
1807601	ZENAIDE DE SOUZA	AUSENTE	MERENDEIRA
1813001	TAMIRES DA SILVA	40,00	MERENDEIRA
1804601	TANIA MARIA DA SILVA SOUZA PEREIRA	AUSENTE	MERENDEIRA
1809300	TATIANA MARIA DA SILVA SOUZA FERNANDES	AUSENTE	MERENDEIRA
